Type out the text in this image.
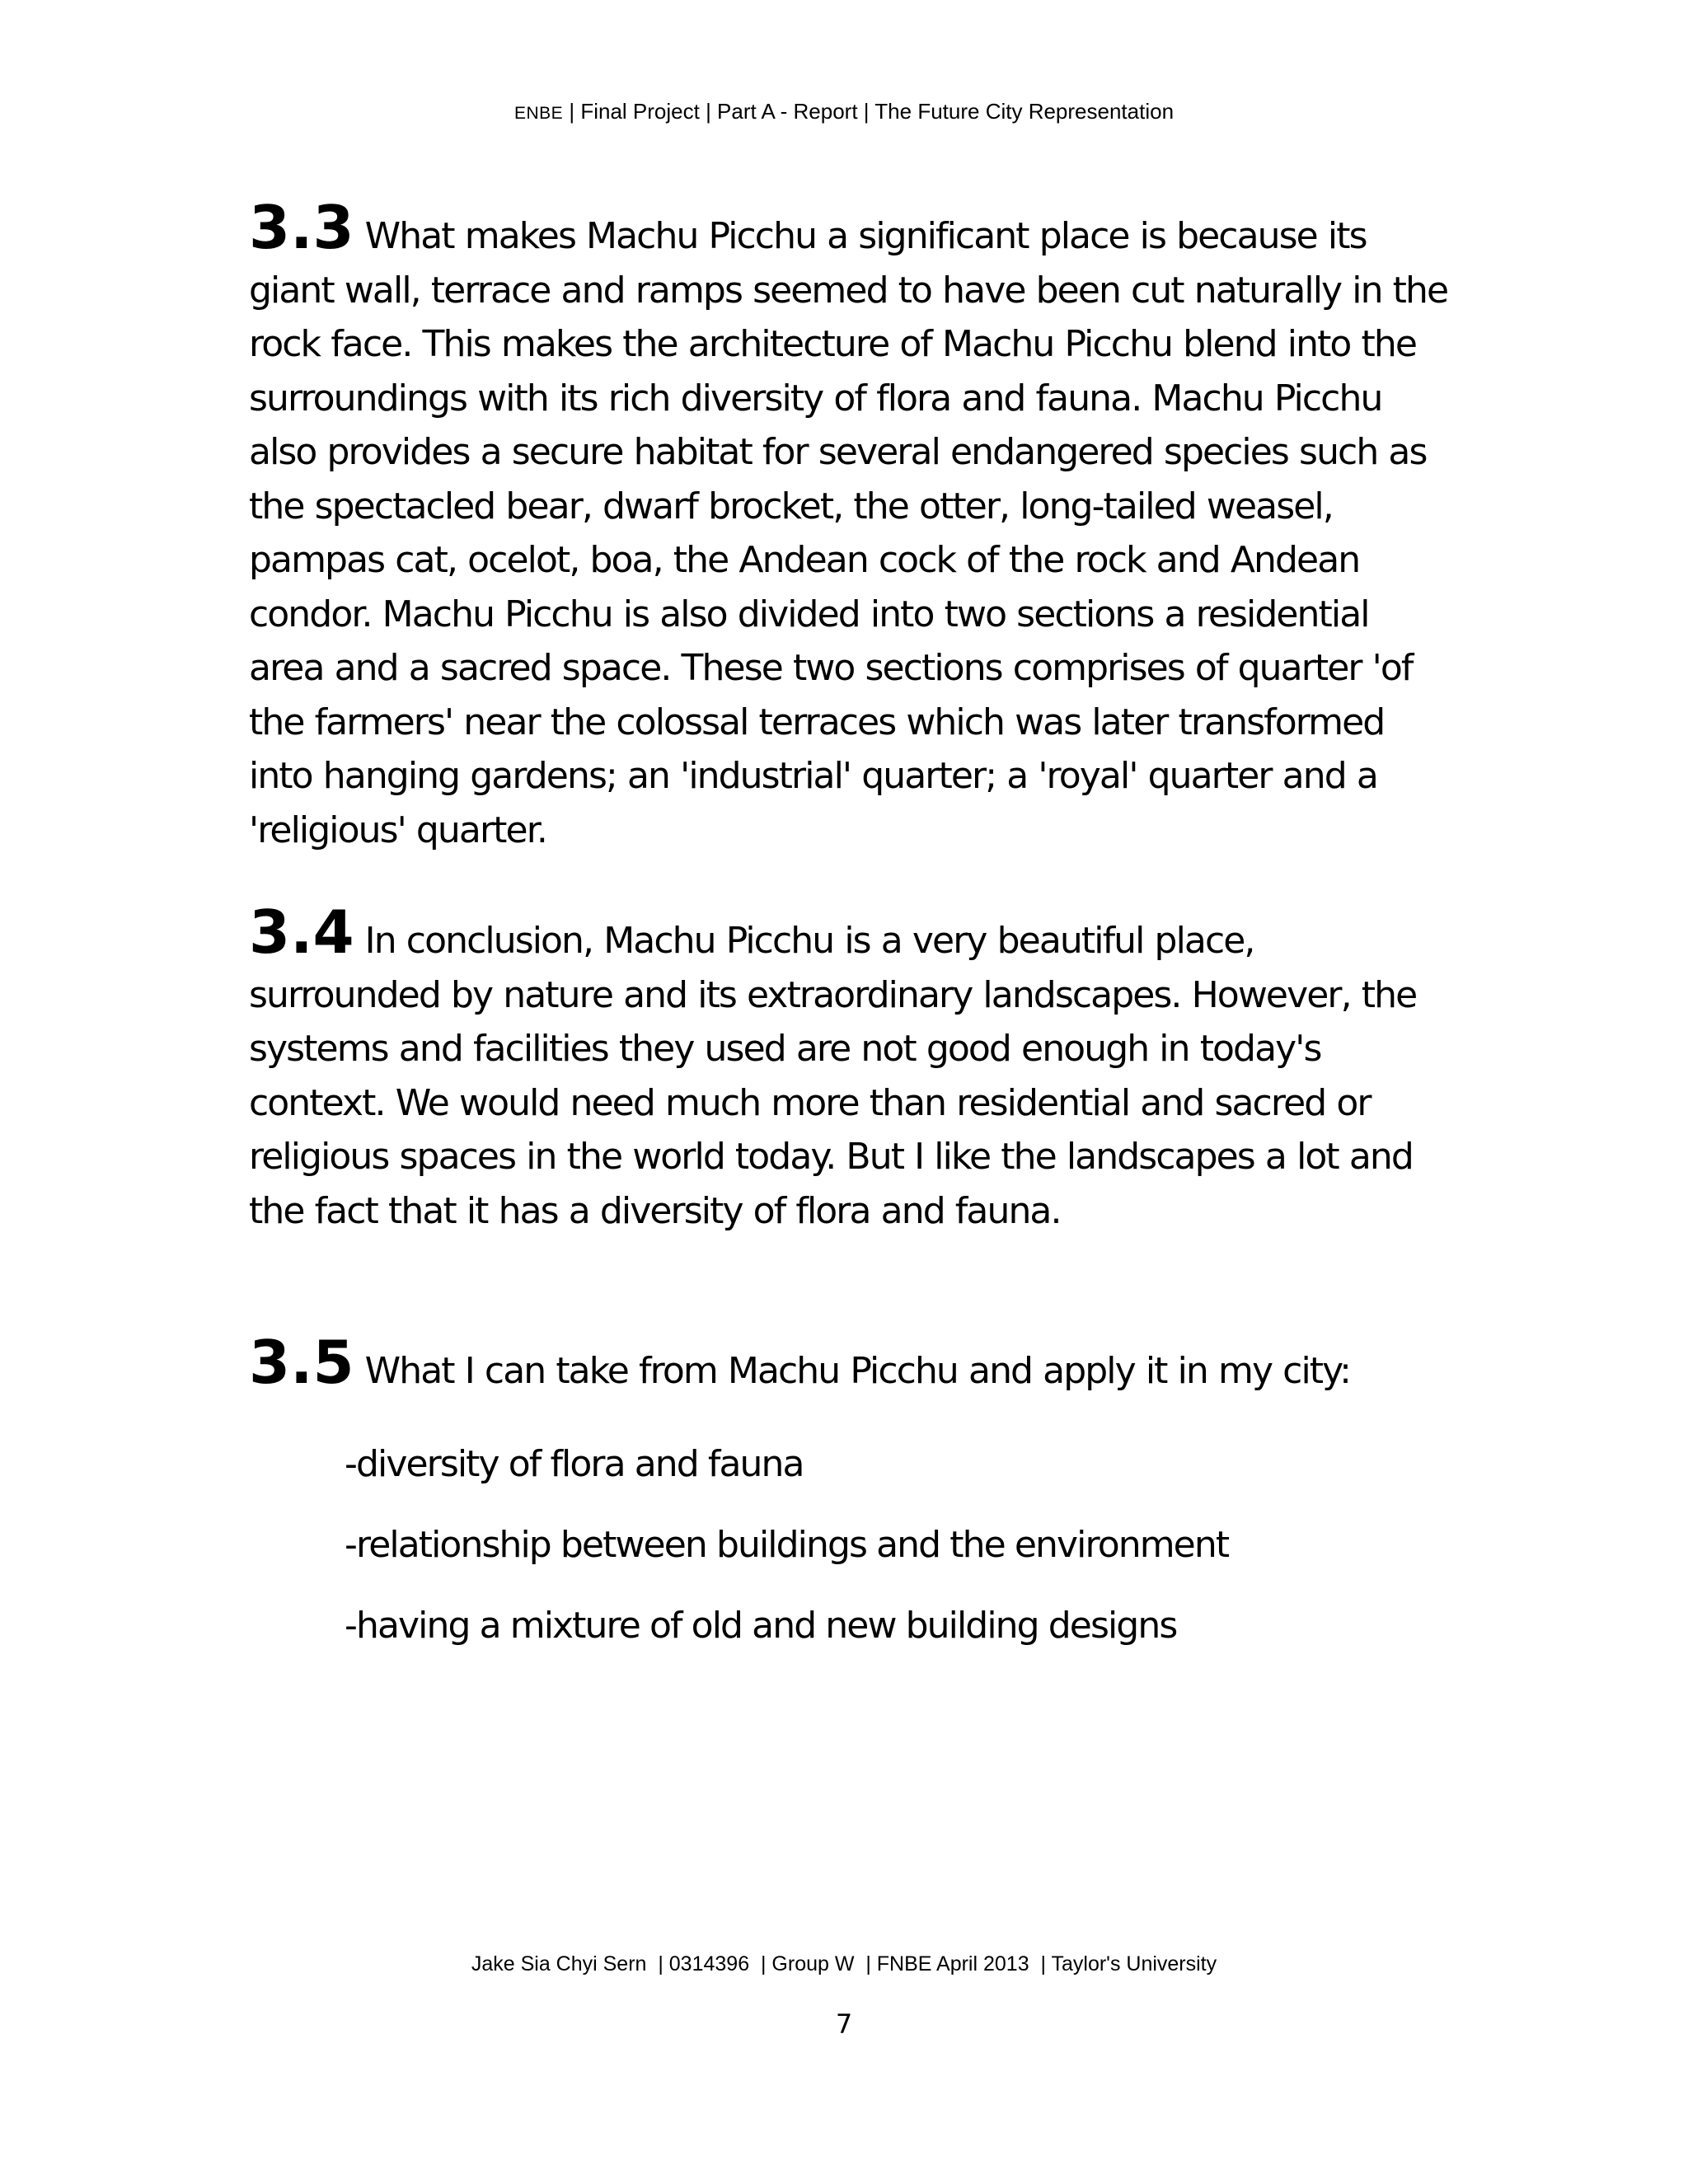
ENBE | Final Project | Part A - Report | The Future City Representation
3.3 What makes Machu Picchu a significant place is because its giant wall, terrace and ramps seemed to have been cut naturally in the rock face. This makes the architecture of Machu Picchu blend into the surroundings with its rich diversity of flora and fauna. Machu Picchu also provides a secure habitat for several endangered species such as the spectacled bear, dwarf brocket, the otter, long-tailed weasel, pampas cat, ocelot, boa, the Andean cock of the rock and Andean condor. Machu Picchu is also divided into two sections a residential area and a sacred space. These two sections comprises of quarter 'of the farmers' near the colossal terraces which was later transformed into hanging gardens; an 'industrial' quarter; a 'royal' quarter and a 'religious' quarter.
3.4 In conclusion, Machu Picchu is a very beautiful place, surrounded by nature and its extraordinary landscapes. However, the systems and facilities they used are not good enough in today's context. We would need much more than residential and sacred or religious spaces in the world today. But I like the landscapes a lot and the fact that it has a diversity of flora and fauna.
3.5 What I can take from Machu Picchu and apply it in my city:
-diversity of flora and fauna
-relationship between buildings and the environment
-having a mixture of old and new building designs
Jake Sia Chyi Sern  | 0314396  | Group W  | FNBE April 2013  | Taylor's University
7
